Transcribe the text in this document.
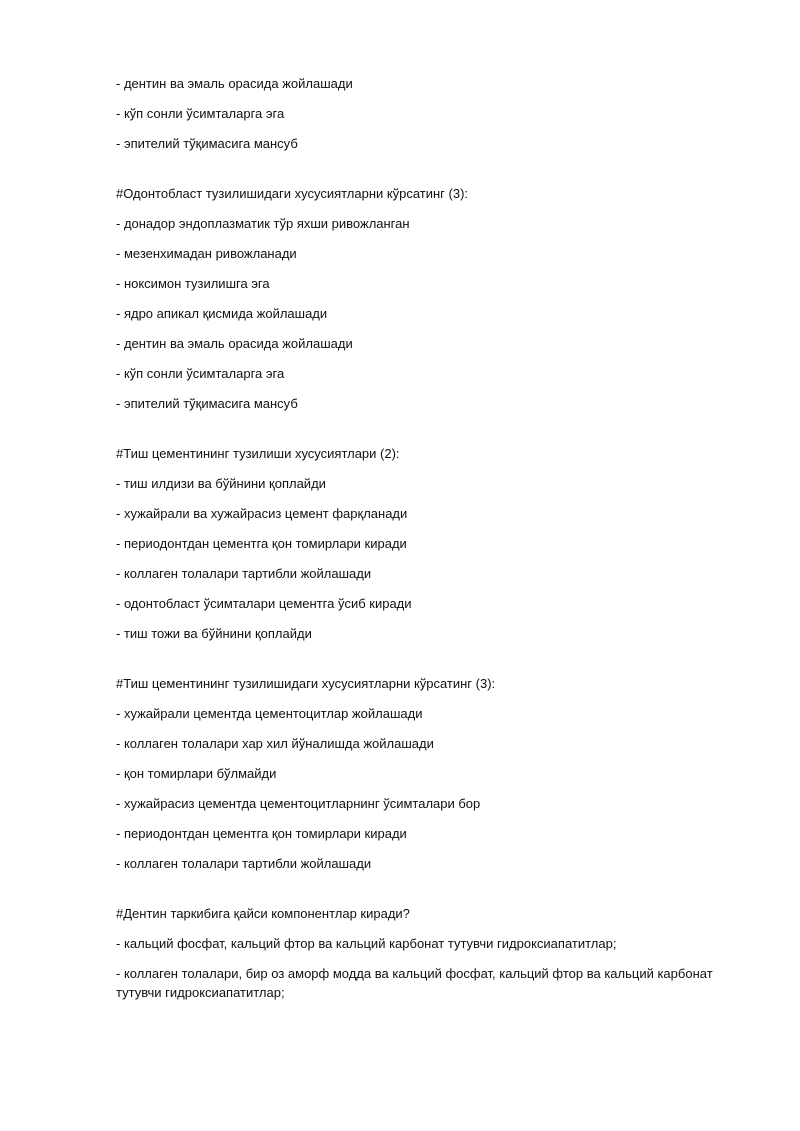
- дентин ва эмаль орасида жойлашади
- кўп сонли ўсимталарга эга
- эпителий тўқимасига мансуб
#Одонтобласт тузилишидаги хусусиятларни кўрсатинг (3):
- донадор эндоплазматик тўр яхши ривожланган
- мезенхимадан ривожланади
- ноксимон тузилишга эга
- ядро апикал қисмида жойлашади
- дентин ва эмаль орасида жойлашади
- кўп сонли ўсимталарга эга
- эпителий тўқимасига мансуб
#Тиш цементининг тузилиши хусусиятлари (2):
- тиш илдизи ва бўйнини қоплайди
- хужайрали ва хужайрасиз цемент фарқланади
- периодонтдан цементга қон томирлари киради
- коллаген толалари тартибли жойлашади
- одонтобласт ўсимталари цементга ўсиб киради
- тиш тожи ва бўйнини қоплайди
#Тиш цементининг тузилишидаги хусусиятларни кўрсатинг (3):
- хужайрали цементда цементоцитлар жойлашади
- коллаген толалари хар хил йўналишда жойлашади
- қон томирлари бўлмайди
- хужайрасиз цементда цементоцитларнинг ўсимталари бор
- периодонтдан цементга қон томирлари киради
- коллаген толалари тартибли жойлашади
#Дентин таркибига қайси компонентлар киради?
- кальций фосфат, кальций фтор ва кальций карбонат тутувчи гидроксиапатитлар;
- коллаген толалари, бир оз аморф модда ва кальций фосфат, кальций фтор ва кальций карбонат тутувчи гидроксиапатитлар;
